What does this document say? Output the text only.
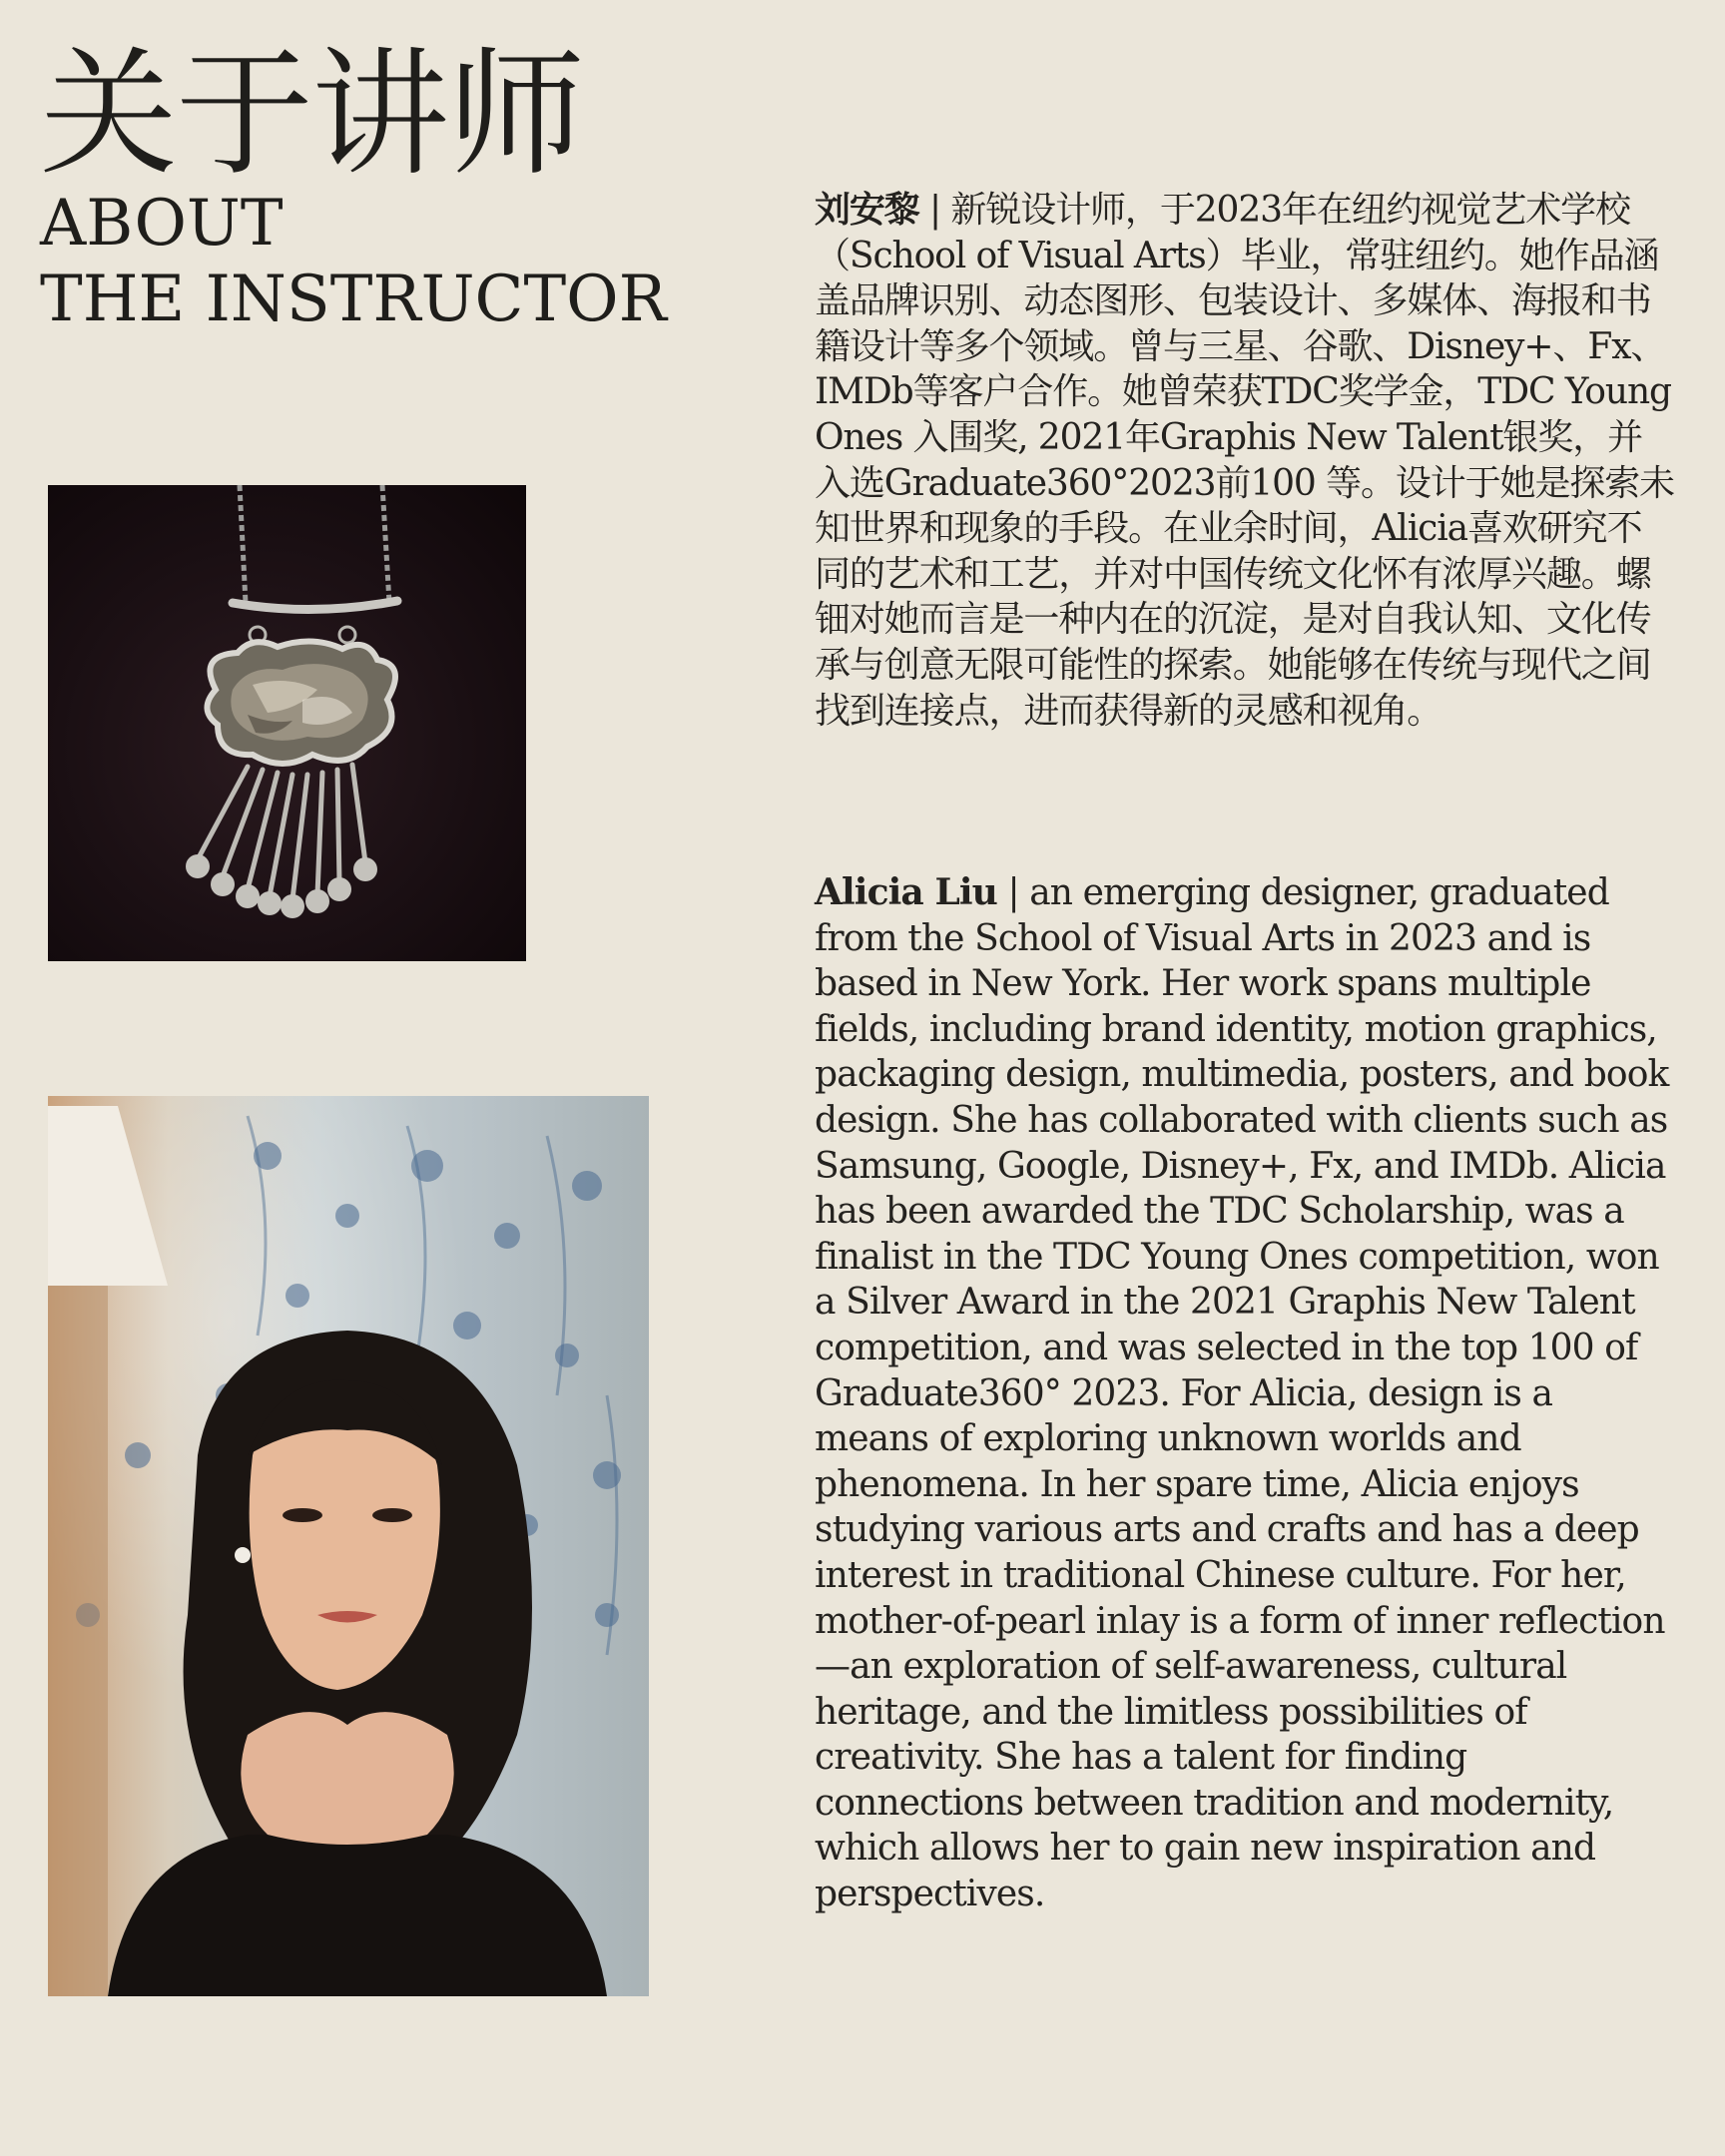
关于讲师
ABOUT
THE INSTRUCTOR

刘安黎 | 新锐设计师，于2023年在纽约视觉艺术学校（School of Visual Arts）毕业，常驻纽约。她作品涵盖品牌识别、动态图形、包装设计、多媒体、海报和书籍设计等多个领域。曾与三星、谷歌、Disney+、Fx、IMDb等客户合作。她曾荣获TDC奖学金，TDC Young Ones 入围奖, 2021年Graphis New Talent银奖，并入选Graduate360°2023前100 等。设计于她是探索未知世界和现象的手段。在业余时间，Alicia喜欢研究不同的艺术和工艺，并对中国传统文化怀有浓厚兴趣。螺钿对她而言是一种内在的沉淀，是对自我认知、文化传承与创意无限可能性的探索。她能够在传统与现代之间找到连接点，进而获得新的灵感和视角。

Alicia Liu | an emerging designer, graduated from the School of Visual Arts in 2023 and is based in New York. Her work spans multiple fields, including brand identity, motion graphics, packaging design, multimedia, posters, and book design. She has collaborated with clients such as Samsung, Google, Disney+, Fx, and IMDb. Alicia has been awarded the TDC Scholarship, was a finalist in the TDC Young Ones competition, won a Silver Award in the 2021 Graphis New Talent competition, and was selected in the top 100 of Graduate360° 2023. For Alicia, design is a means of exploring unknown worlds and phenomena. In her spare time, Alicia enjoys studying various arts and crafts and has a deep interest in traditional Chinese culture. For her, mother-of-pearl inlay is a form of inner reflection—an exploration of self-awareness, cultural heritage, and the limitless possibilities of creativity. She has a talent for finding connections between tradition and modernity, which allows her to gain new inspiration and perspectives.
